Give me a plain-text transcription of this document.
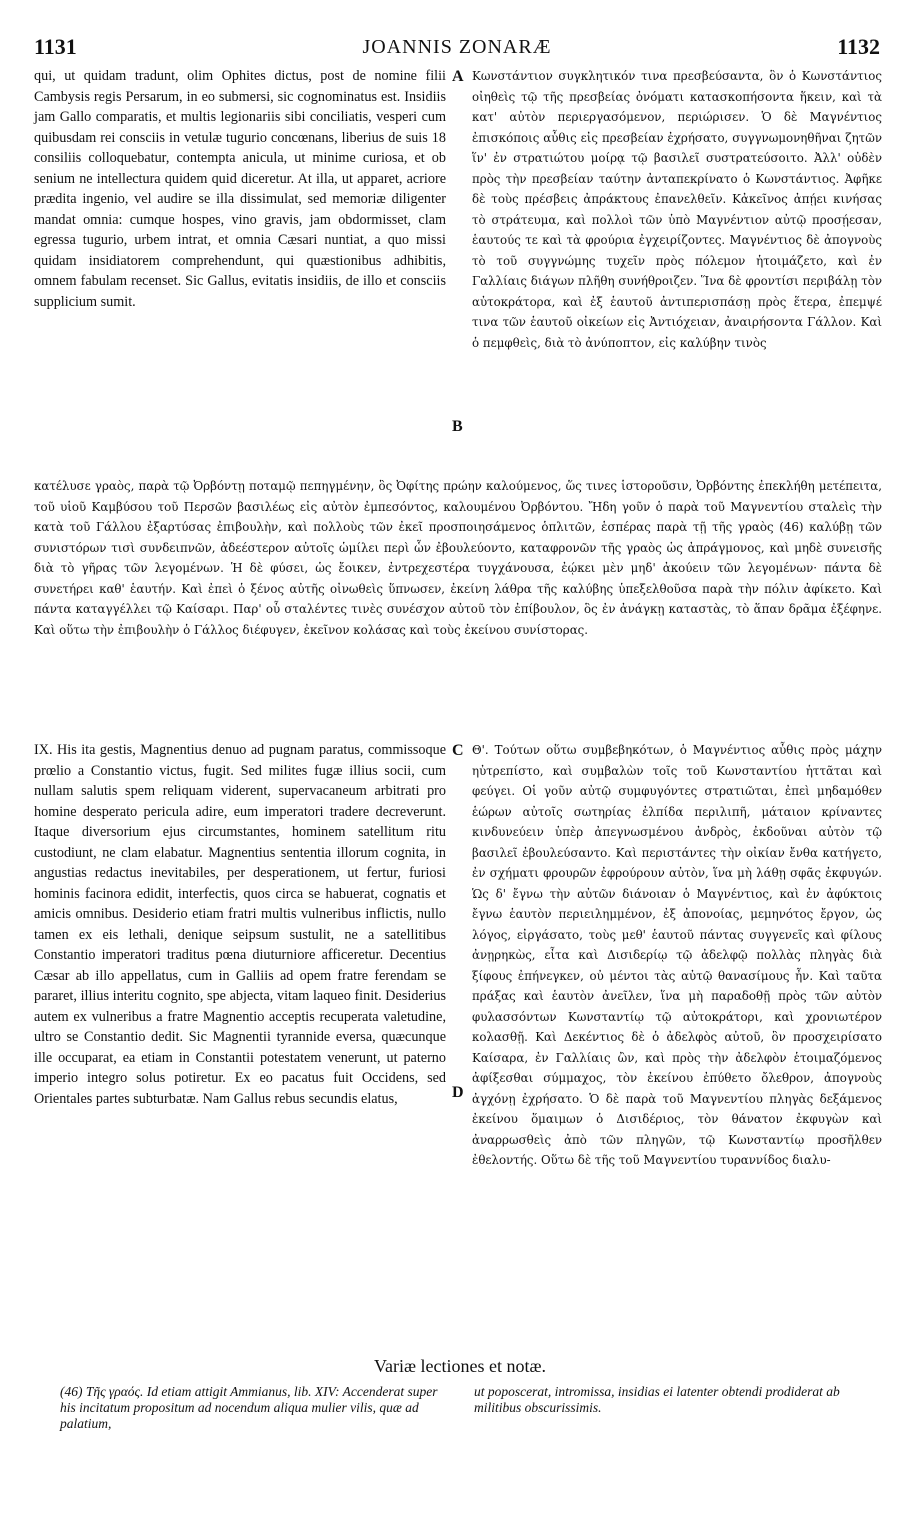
1131	JOANNIS ZONARÆ	1132

qui, ut quidam tradunt, olim Ophites dictus, post de nomine filii Cambysis regis Persarum, in eo submersi, sic cognominatus est. Insidiis jam Gallo comparatis, et multis legionariis sibi conciliatis, vesperi cum quibusdam rei consciis in vetulæ tugurio concœnans, liberius de suis 18 consiliis colloquebatur, contempta anicula, ut minime curiosa, et ob senium ne intellectura quidem quid diceretur. At illa, ut apparet, acriore prædita ingenio, vel audire se illa dissimulat, sed memoriæ diligenter mandat omnia: cumque hospes, vino gravis, jam obdormisset, clam egressa tugurio, urbem intrat, et omnia Cæsari nuntiat, a quo missi quidam insidiatorem comprehendunt, qui quæstionibus adhibitis, omnem fabulam recenset. Sic Gallus, evitatis insidiis, de illo et consciis supplicium sumit.

A Κωνστάντιον συγκλητικόν τινα πρεσβεύσαντα, ὃν ὁ Κωνστάντιος οἰηθεὶς τῷ τῆς πρεσβείας ὀνόματι κατασκοπήσοντα ἥκειν, καὶ τὰ κατ' αὐτὸν περιεργασόμενον, περιώρισεν. Ὁ δὲ Μαγνέντιος ἐπισκόποις αὖθις εἰς πρεσβείαν ἐχρήσατο, συγγνωμονηθῆναι ζητῶν ἵν' ἐν στρατιώτου μοίρᾳ τῷ βασιλεῖ συστρατεύσοιτο. Ἀλλ' οὐδὲν πρὸς τὴν πρεσβείαν ταύτην ἀνταπεκρίνατο ὁ Κωνστάντιος. Ἀφῆκε δὲ τοὺς πρέσβεις ἀπράκτους ἐπανελθεῖν. Κἀκεῖνος ἀπῄει κινήσας τὸ στράτευμα, καὶ πολλοὶ τῶν ὑπὸ Μαγνέντιον αὐτῷ προσῄεσαν, ἑαυτούς τε καὶ τὰ φρούρια ἐγχειρίζοντες. Μαγνέντιος δὲ ἀπογνοὺς τὸ τοῦ συγγνώμης τυχεῖν πρὸς πόλεμον ἡτοιμάζετο, καὶ ἐν Γαλλίαις διάγων πλῆθη συνήθροιζεν. Ἵνα δὲ φροντίσι περιβάλῃ τὸν αὐτοκράτορα, καὶ ἐξ ἑαυτοῦ ἀντιπερισπάσῃ πρὸς ἕτερα, ἐπεμψέ τινα τῶν ἑαυτοῦ οἰκείων εἰς Ἀντιόχειαν, ἀναιρήσοντα Γάλλον. Καὶ ὁ πεμφθεὶς, διὰ τὸ ἀνύποπτον, εἰς καλύβην τινὸς

B

κατέλυσε γραὸς, παρὰ τῷ Ὀρβόντῃ ποταμῷ πεπηγμένην, ὃς Ὀφίτης πρώην καλούμενος, ὥς τινες ἱστοροῦσιν, Ὀρβόντης ἐπεκλήθη μετέπειτα, τοῦ υἱοῦ Καμβύσου τοῦ Περσῶν βασιλέως εἰς αὐτὸν ἐμπεσόντος, καλουμένου Ὀρβόντου. Ἤδη γοῦν ὁ παρὰ τοῦ Μαγνεντίου σταλεὶς τὴν κατὰ τοῦ Γάλλου ἐξαρτύσας ἐπιβουλὴν, καὶ πολλοὺς τῶν ἐκεῖ προσποιησάμενος ὁπλιτῶν, ἑσπέρας παρὰ τῇ τῆς γραὸς (46) καλύβῃ τῶν συνιστόρων τισὶ συνδειπνῶν, ἀδεέστερον αὐτοῖς ὡμίλει περὶ ὧν ἐβουλεύοντο, καταφρονῶν τῆς γραὸς ὡς ἀπράγμονος, καὶ μηδὲ συνεισῆς διὰ τὸ γῆρας τῶν λεγομένων. Ἡ δὲ φύσει, ὡς ἔοικεν, ἐντρεχεστέρα τυγχάνουσα, ἐῴκει μὲν μηδ' ἀκούειν τῶν λεγομένων· πάντα δὲ συνετήρει καθ' ἑαυτήν. Καὶ ἐπεὶ ὁ ξένος αὐτῆς οἰνωθεὶς ὕπνωσεν, ἐκείνη λάθρα τῆς καλύβης ὑπεξελθοῦσα παρὰ τὴν πόλιν ἀφίκετο. Καὶ πάντα καταγγέλλει τῷ Καίσαρι. Παρ' οὗ σταλέντες τινὲς συνέσχον αὐτοῦ τὸν ἐπίβουλον, ὃς ἐν ἀνάγκῃ καταστὰς, τὸ ἅπαν δρᾶμα ἐξέφηνε. Καὶ οὕτω τὴν ἐπιβουλὴν ὁ Γάλλος διέφυγεν, ἐκεῖνον κολάσας καὶ τοὺς ἐκείνου συνίστορας.

IX. His ita gestis, Magnentius denuo ad pugnam paratus, commissoque prœlio a Constantio victus, fugit. Sed milites fugæ illius socii, cum nullam salutis spem reliquam viderent, supervacaneum arbitrati pro homine desperato pericula adire, eum imperatori tradere decreverunt. Itaque diversorium ejus circumstantes, hominem satellitum ritu custodiunt, ne clam elabatur. Magnentius sententia illorum cognita, in angustias redactus inevitabiles, per desperationem, ut fertur, furiosi hominis facinora edidit, interfectis, quos circa se habuerat, cognatis et amicis omnibus. Desiderio etiam fratri multis vulneribus inflictis, nullo tamen ex eis lethali, denique seipsum sustulit, ne a satellitibus Constantio imperatori traditus pœna diuturniore afficeretur. Decentius Cæsar ab illo appellatus, cum in Galliis ad opem fratre ferendam se pararet, illius interitu cognito, spe abjecta, vitam laqueo finit. Desiderius autem ex vulneribus a fratre Magnentio acceptis recuperata valetudine, ultro se Constantio dedit. Sic Magnentii tyrannide eversa, quæcunque ille occuparat, ea etiam in Constantii potestatem venerunt, ut paterno imperio integro solus potiretur. Ex eo pacatus fuit Occidens, sed Orientales partes subturbatæ. Nam Gallus rebus secundis elatus,

C Θ'. Τούτων οὕτω συμβεβηκότων, ὁ Μαγνέντιος αὖθις πρὸς μάχην ηὐτρεπίστο, καὶ συμβαλὼν τοῖς τοῦ Κωνσταντίου ἡττᾶται καὶ φεύγει. Οἱ γοῦν αὐτῷ συμφυγόντες στρατιῶται, ἐπεὶ μηδαμόθεν ἑώρων αὐτοῖς σωτηρίας ἐλπίδα περιλιπῆ, μάταιον κρίναντες κινδυνεύειν ὑπὲρ ἀπεγνωσμένου ἀνδρὸς, ἐκδοῦναι αὐτὸν τῷ βασιλεῖ ἐβουλεύσαντο. Καὶ περιστάντες τὴν οἰκίαν ἔνθα κατήγετο, ἐν σχήματι φρουρῶν ἐφρούρουν αὐτὸν, ἵνα μὴ λάθῃ σφᾶς ἐκφυγών. Ὡς δ' ἔγνω τὴν αὐτῶν διάνοιαν ὁ Μαγνέντιος, καὶ ἐν ἀφύκτοις ἔγνω ἑαυτὸν περιειλημμένον, ἐξ ἀπονοίας, μεμηνότος ἔργον, ὡς λόγος, εἰργάσατο, τοὺς μεθ' ἑαυτοῦ πάντας συγγενεῖς καὶ φίλους ἀνῃρηκὼς, εἶτα καὶ Δισιδερίῳ τῷ ἀδελφῷ πολλὰς πληγὰς διὰ ξίφους ἐπήνεγκεν, οὐ μέντοι τὰς αὐτῷ θανασίμους ἦν. Καὶ ταῦτα πράξας καὶ ἑαυτὸν ἀνεῖλεν, ἵνα μὴ παραδοθῇ πρὸς τῶν αὐτὸν φυλασσόντων Κωνσταντίῳ τῷ αὐτοκράτορι, καὶ χρονιωτέρον κολασθῇ. Καὶ Δεκέντιος δὲ ὁ ἀδελφὸς αὐτοῦ, ὃν προσχειρίσατο Καίσαρα, ἐν Γαλλίαις ὢν, καὶ πρὸς τὴν ἀδελφὸν ἑτοιμαζόμενος ἀφίξεσθαι σύμμαχος, τὸν ἐκείνου ἐπύθετο ὄλεθρον, ἀπογνοὺς ἀγχόνῃ ἐχρήσατο. Ὁ δὲ παρὰ τοῦ Μαγνεντίου πληγὰς δεξάμενος ἐκείνου ὅμαιμων ὁ Δισιδέριος, τὸν θάνατον ἐκφυγὼν καὶ ἀναρρωσθεὶς ἀπὸ τῶν πληγῶν, τῷ Κωνσταντίῳ προσῆλθεν ἐθελοντής. Οὕτω δὲ τῆς τοῦ Μαγνεντίου τυραννίδος διαλυ-

D
Variæ lectiones et notæ.

(46) Τῆς γραός. Id etiam attigit Ammianus, lib. XIV: Accenderat super his incitatum propositum ad nocendum aliqua mulier vilis, quæ ad palatium,

ut poposcerat, intromissa, insidias ei latenter obtendi prodiderat ab militibus obscurissimis.
